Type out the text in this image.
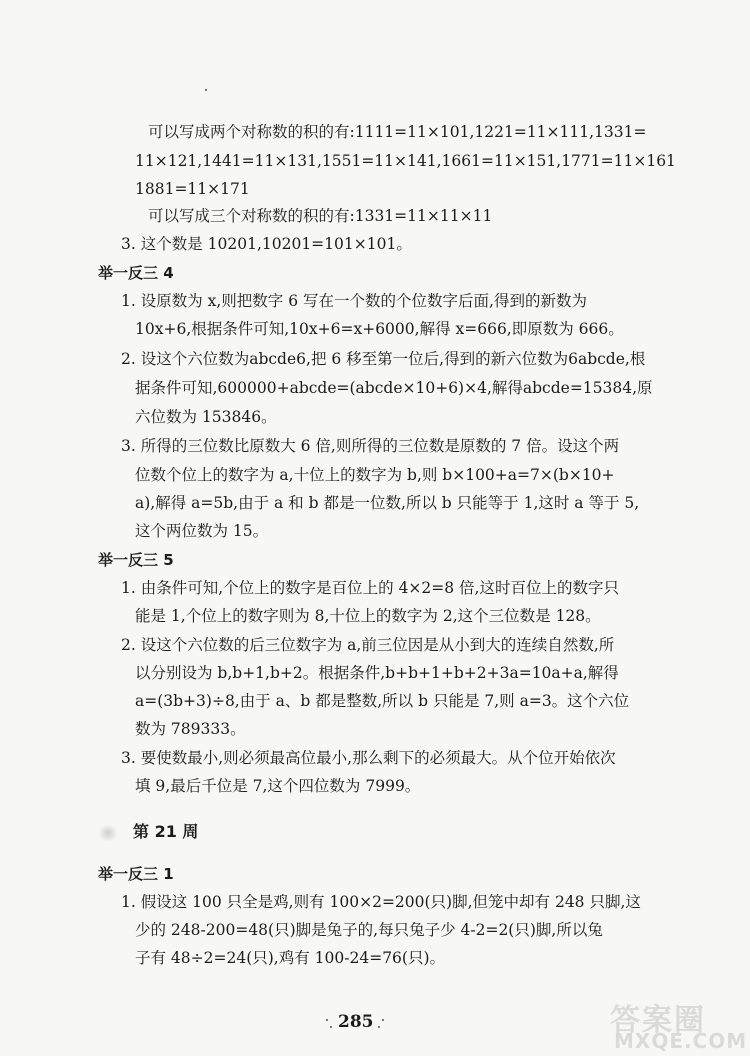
可以写成两个对称数的积的有:1111=11×101,1221=11×111,1331=
11×121,1441=11×131,1551=11×141,1661=11×151,1771=11×161
1881=11×171
可以写成三个对称数的积的有:1331=11×11×11
3. 这个数是 10201,10201=101×101。
举一反三 4
1. 设原数为 x,则把数字 6 写在一个数的个位数字后面,得到的新数为
10x+6,根据条件可知,10x+6=x+6000,解得 x=666,即原数为 666。
2. 设这个六位数为abcde6,把 6 移至第一位后,得到的新六位数为6abcde,根
据条件可知,600000+abcde=(abcde×10+6)×4,解得abcde=15384,原
六位数为 153846。
3. 所得的三位数比原数大 6 倍,则所得的三位数是原数的 7 倍。设这个两
位数个位上的数字为 a,十位上的数字为 b,则 b×100+a=7×(b×10+
a),解得 a=5b,由于 a 和 b 都是一位数,所以 b 只能等于 1,这时 a 等于 5,
这个两位数为 15。
举一反三 5
1. 由条件可知,个位上的数字是百位上的 4×2=8 倍,这时百位上的数字只
能是 1,个位上的数字则为 8,十位上的数字为 2,这个三位数是 128。
2. 设这个六位数的后三位数字为 a,前三位因是从小到大的连续自然数,所
以分别设为 b,b+1,b+2。根据条件,b+b+1+b+2+3a=10a+a,解得
a=(3b+3)÷8,由于 a、b 都是整数,所以 b 只能是 7,则 a=3。这个六位
数为 789333。
3. 要使数最小,则必须最高位最小,那么剩下的必须最大。从个位开始依次
填 9,最后千位是 7,这个四位数为 7999。
第 21 周
举一反三 1
1. 假设这 100 只全是鸡,则有 100×2=200(只)脚,但笼中却有 248 只脚,这
少的 248-200=48(只)脚是兔子的,每只兔子少 4-2=2(只)脚,所以兔
子有 48÷2=24(只),鸡有 100-24=76(只)。
285	答案圈
MXQE.COM
